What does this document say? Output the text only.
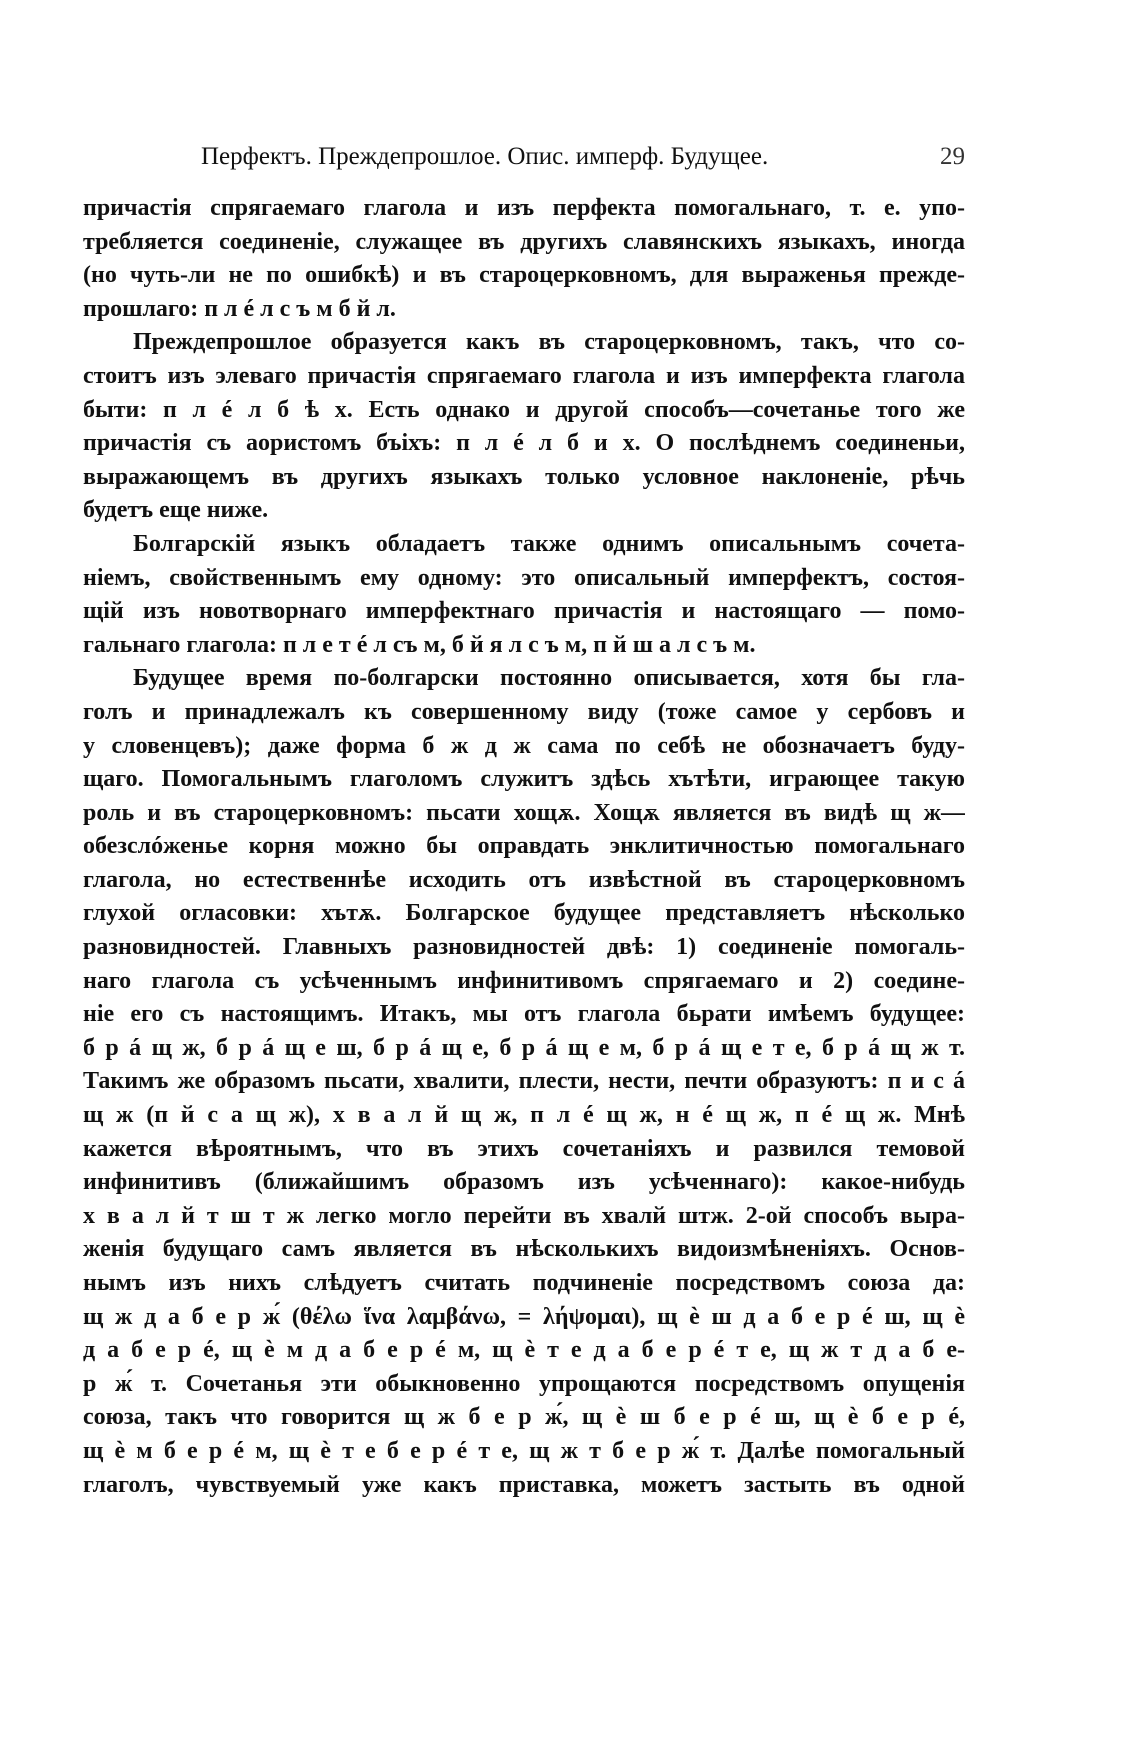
Перфектъ. Преждепрошлое. Опис. имперф. Будущее.	29
причастія спрягаемаго глагола и изъ перфекта помогальнаго, т. е. упо-
требляется соединеніе, служащее въ другихъ славянскихъ языкахъ, иногда
(но чуть-ли не по ошибкѣ) и въ староцерковномъ, для выраженья прежде-
прошлаго: п л é л с ъ м б й л.
Преждепрошлое образуется какъ въ староцерковномъ, такъ, что со-
стоитъ изъ элеваго причастія спрягаемаго глагола и изъ имперфекта глагола
быти: п л é л б ѣ х. Есть однако и другой способъ—сочетанье того же
причастія съ аористомъ бъіхъ: п л é л б и х. О послѣднемъ соединеньи,
выражающемъ въ другихъ языкахъ только условное наклоненіе, рѣчь
будетъ еще ниже.
Болгарскій языкъ обладаетъ также однимъ описальнымъ сочета-
ніемъ, свойственнымъ ему одному: это описальный имперфектъ, состоя-
щій изъ новотворнаго имперфектнаго причастія и настоящаго — помо-
гальнаго глагола: п л е т é л съ м, б й я л с ъ м, п й ш а л с ъ м.
Будущее время по-болгарски постоянно описывается, хотя бы гла-
голъ и принадлежалъ къ совершенному виду (тоже самое у сербовъ и
у словенцевъ); даже форма б ж д ж сама по себѣ не обозначаетъ буду-
щаго. Помогальнымъ глаголомъ служитъ здѣсь хътѣти, играющее такую
роль и въ староцерковномъ: пьсати хощѫ. Хощѫ является въ видѣ щ ж—
обезслóженье корня можно бы оправдать энклитичностью помогальнаго
глагола, но естественнѣе исходить отъ извѣстной въ староцерковномъ
глухой огласовки: хътѫ. Болгарское будущее представляетъ нѣсколько
разновидностей. Главныхъ разновидностей двѣ: 1) соединеніе помогаль-
наго глагола съ усѣченнымъ инфинитивомъ спрягаемаго и 2) соедине-
ніе его съ настоящимъ. Итакъ, мы отъ глагола бьрати имѣемъ будущее:
б р á щ ж, б р á щ е ш, б р á щ е, б р á щ е м, б р á щ е т е, б р á щ ж т.
Такимъ же образомъ пьсати, хвалити, плести, нести, печти образуютъ: п и с á
щ ж (п й с а щ ж), х в а л й щ ж, п л é щ ж, н é щ ж, п é щ ж. Мнѣ
кажется вѣроятнымъ, что въ этихъ сочетаніяхъ и развился темовой
инфинитивъ (ближайшимъ образомъ изъ усѣченнаго): какое-нибудь
х в а л й т ш т ж легко могло перейти въ хвалй штж. 2-ой способъ выра-
женія будущаго самъ является въ нѣсколькихъ видоизмѣненіяхъ. Основ-
нымъ изъ нихъ слѣдуетъ считать подчиненіе посредствомъ союза да:
щ ж д а б е р ж́ (θέλω ἵνα λαμβάνω, = λήψομαι), щ ѐ ш д а б е р é ш, щ ѐ
д а б е р é, щ ѐ м д а б е р é м, щ ѐ т е д а б е р é т е, щ ж т д а б е-
р ж́ т. Сочетанья эти обыкновенно упрощаются посредствомъ опущенія
союза, такъ что говорится щ ж б е р ж́, щ ѐ ш б е р é ш, щ ѐ б е р é,
щ ѐ м б е р é м, щ ѐ т е б е р é т е, щ ж т б е р ж́ т. Далѣе помогальный
глаголъ, чувствуемый уже какъ приставка, можетъ застыть въ одной
